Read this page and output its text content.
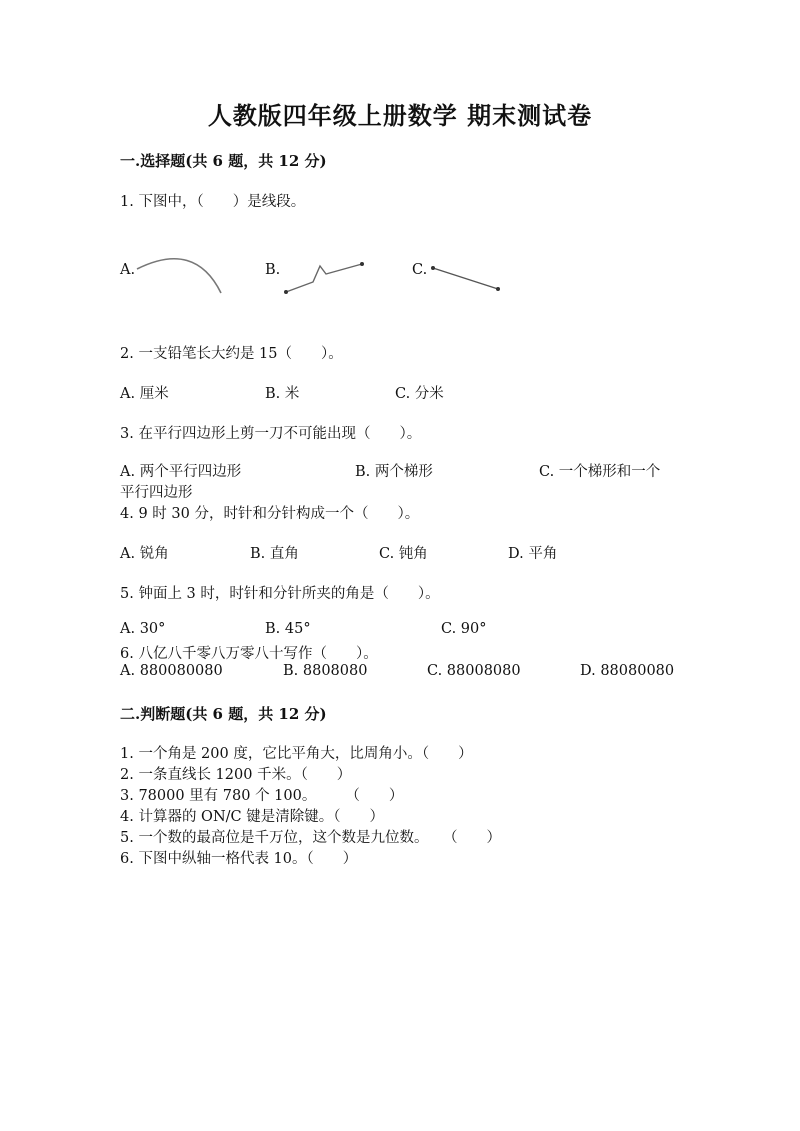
人教版四年级上册数学 期末测试卷
一.选择题(共 6 题，共 12 分)
1. 下图中，（　　）是线段。
A.	B.	C.
2. 一支铅笔长大约是 15（　　）。
A. 厘米	B. 米	C. 分米
3. 在平行四边形上剪一刀不可能出现（　　）。
A. 两个平行四边形	B. 两个梯形	C. 一个梯形和一个
平行四边形
4. 9 时 30 分，时针和分针构成一个（　　）。
A. 锐角	B. 直角	C. 钝角	D. 平角
5. 钟面上 3 时，时针和分针所夹的角是（　　）。
A. 30°	B. 45°	C. 90°
6. 八亿八千零八万零八十写作（　　）。
A. 880080080	B. 8808080	C. 88008080	D. 88080080
二.判断题(共 6 题，共 12 分)
1. 一个角是 200 度，它比平角大，比周角小。（　　）
2. 一条直线长 1200 千米。（　　）
3. 78000 里有 780 个 100。　　　（　　）
4. 计算器的 ON/C 键是清除键。（　　）
5. 一个数的最高位是千万位，这个数是九位数。　　（　　）
6. 下图中纵轴一格代表 10。（　　）
